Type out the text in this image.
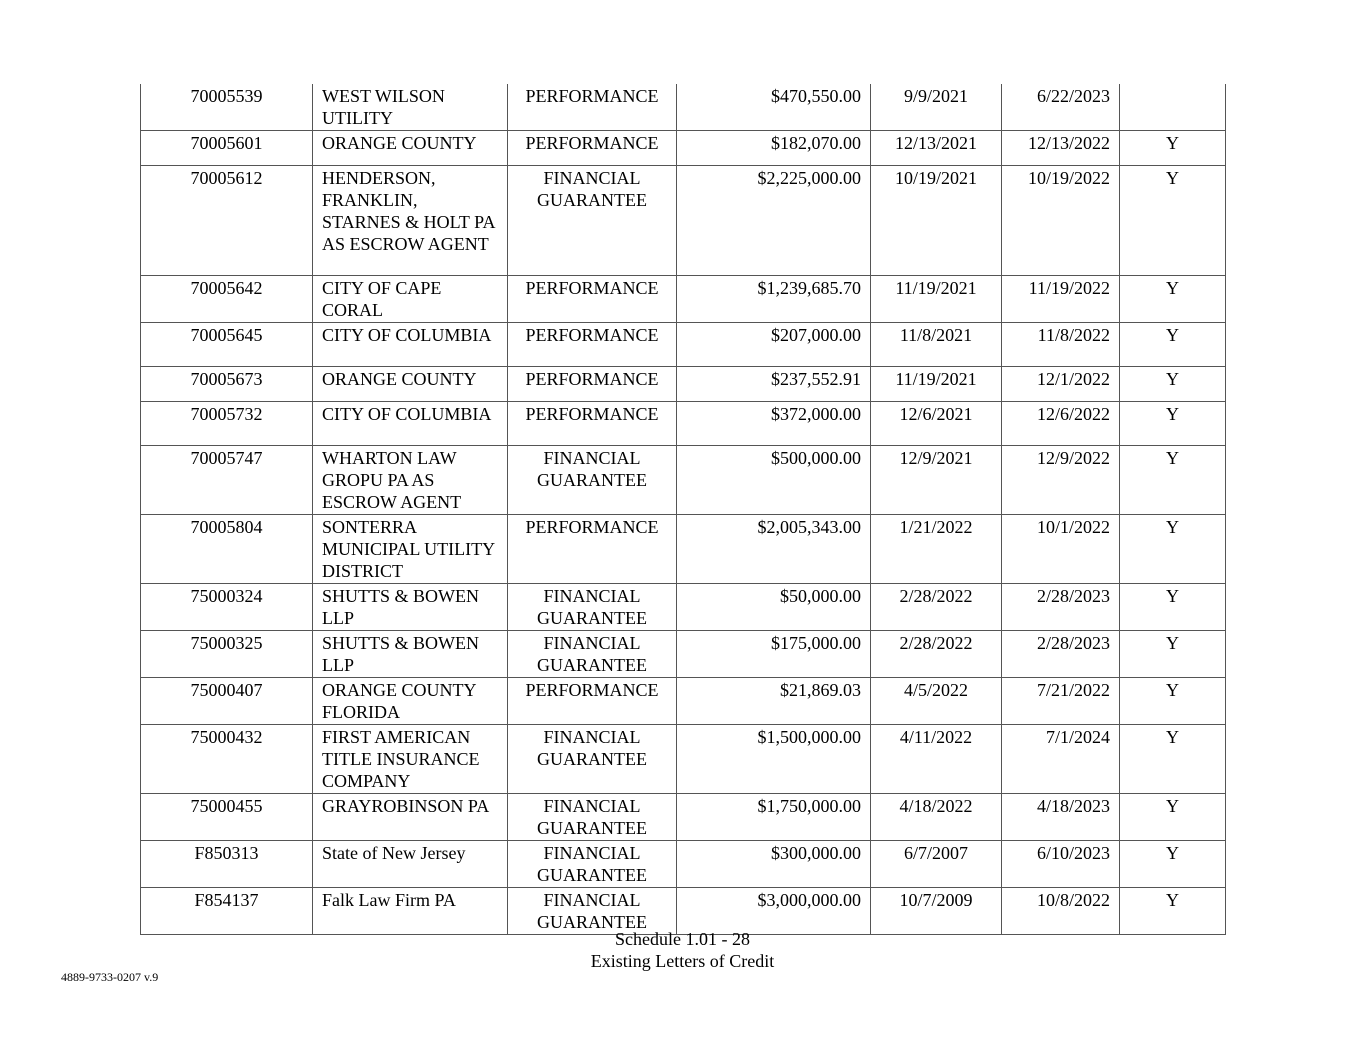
70005539	WEST WILSON UTILITY	PERFORMANCE	$470,550.00	9/9/2021	6/22/2023	
70005601	ORANGE COUNTY	PERFORMANCE	$182,070.00	12/13/2021	12/13/2022	Y
70005612	HENDERSON, FRANKLIN, STARNES & HOLT PA AS ESCROW AGENT	FINANCIAL GUARANTEE	$2,225,000.00	10/19/2021	10/19/2022	Y
70005642	CITY OF CAPE CORAL	PERFORMANCE	$1,239,685.70	11/19/2021	11/19/2022	Y
70005645	CITY OF COLUMBIA	PERFORMANCE	$207,000.00	11/8/2021	11/8/2022	Y
70005673	ORANGE COUNTY	PERFORMANCE	$237,552.91	11/19/2021	12/1/2022	Y
70005732	CITY OF COLUMBIA	PERFORMANCE	$372,000.00	12/6/2021	12/6/2022	Y
70005747	WHARTON LAW GROPU PA AS ESCROW AGENT	FINANCIAL GUARANTEE	$500,000.00	12/9/2021	12/9/2022	Y
70005804	SONTERRA MUNICIPAL UTILITY DISTRICT	PERFORMANCE	$2,005,343.00	1/21/2022	10/1/2022	Y
75000324	SHUTTS & BOWEN LLP	FINANCIAL GUARANTEE	$50,000.00	2/28/2022	2/28/2023	Y
75000325	SHUTTS & BOWEN LLP	FINANCIAL GUARANTEE	$175,000.00	2/28/2022	2/28/2023	Y
75000407	ORANGE COUNTY FLORIDA	PERFORMANCE	$21,869.03	4/5/2022	7/21/2022	Y
75000432	FIRST AMERICAN TITLE INSURANCE COMPANY	FINANCIAL GUARANTEE	$1,500,000.00	4/11/2022	7/1/2024	Y
75000455	GRAYROBINSON PA	FINANCIAL GUARANTEE	$1,750,000.00	4/18/2022	4/18/2023	Y
F850313	State of New Jersey	FINANCIAL GUARANTEE	$300,000.00	6/7/2007	6/10/2023	Y
F854137	Falk Law Firm PA	FINANCIAL GUARANTEE	$3,000,000.00	10/7/2009	10/8/2022	Y
Schedule 1.01 - 28
Existing Letters of Credit
4889-9733-0207 v.9
